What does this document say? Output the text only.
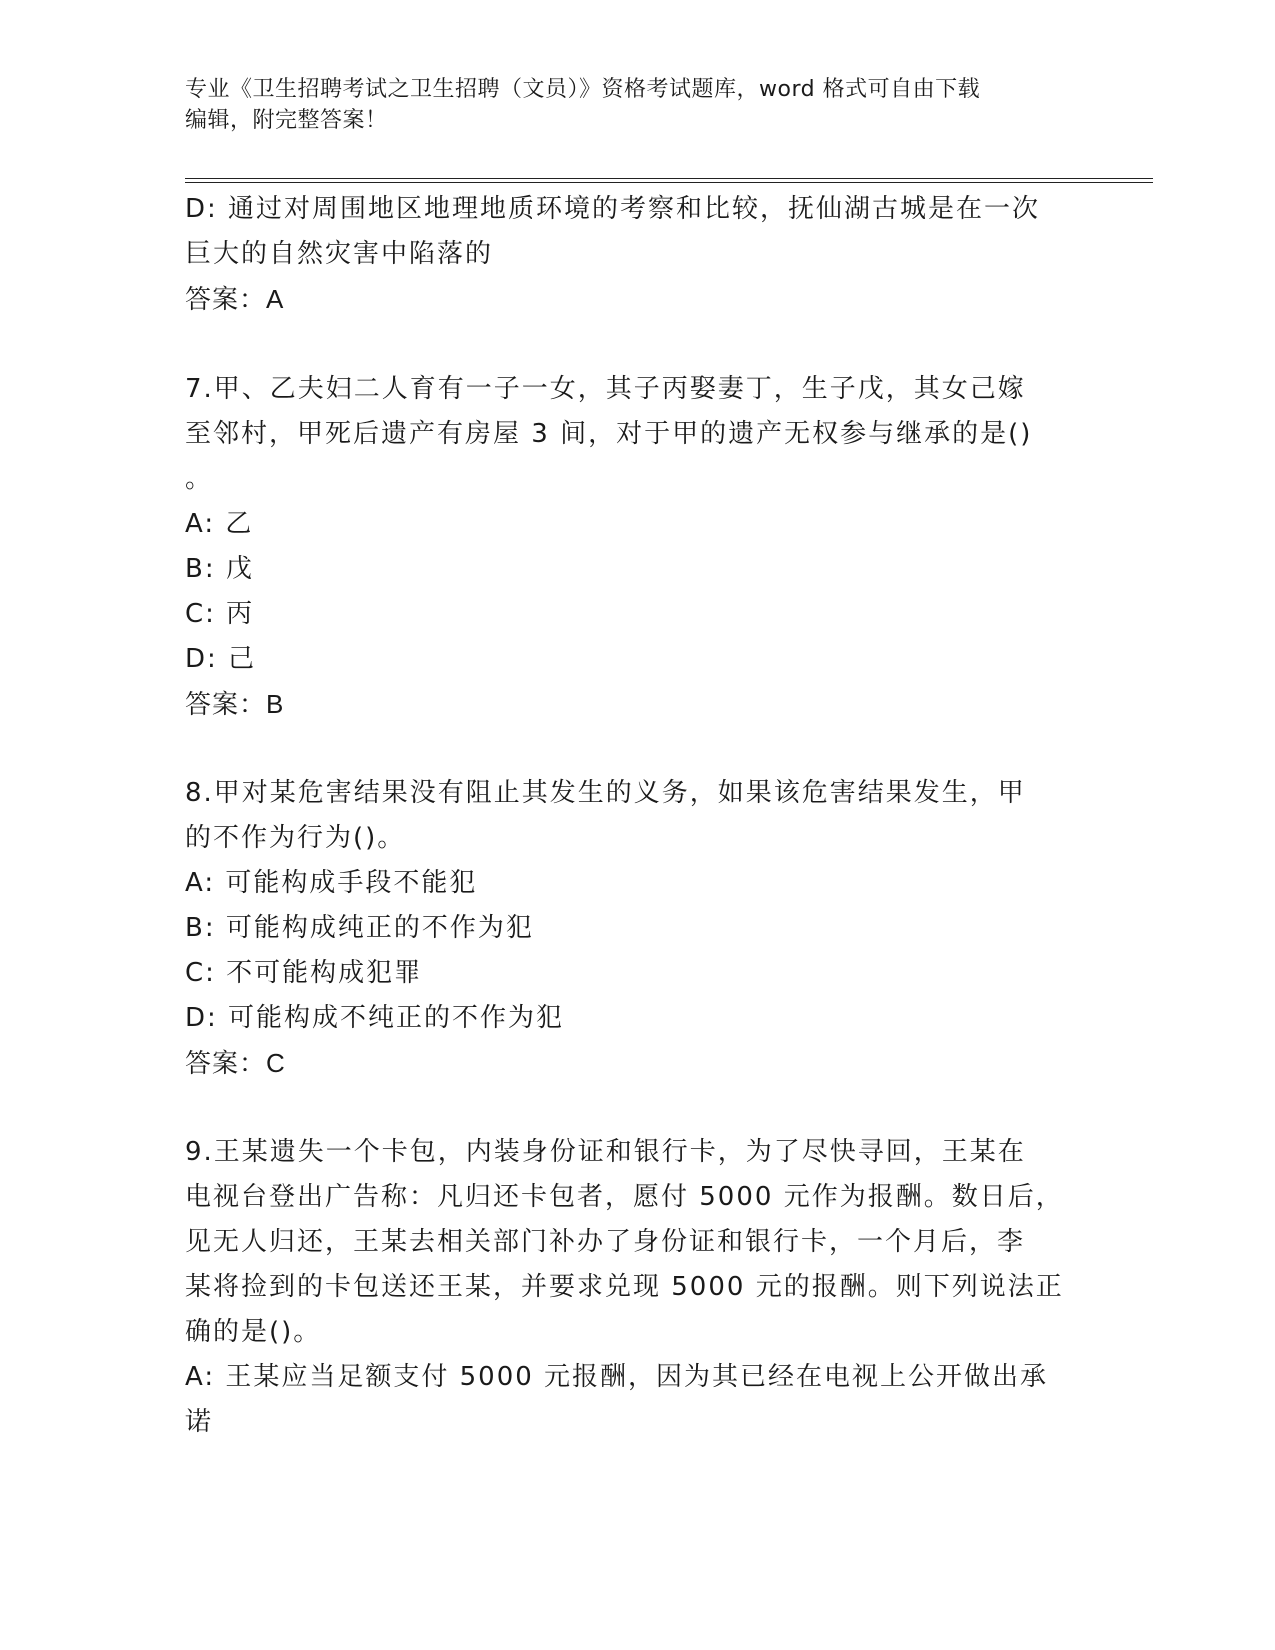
专业《卫生招聘考试之卫生招聘（文员）》资格考试题库，word 格式可自由下载
编辑，附完整答案！
D: 通过对周围地区地理地质环境的考察和比较，抚仙湖古城是在一次
巨大的自然灾害中陷落的
答案：A
7.甲、乙夫妇二人育有一子一女，其子丙娶妻丁，生子戊，其女己嫁
至邻村，甲死后遗产有房屋 3 间，对于甲的遗产无权参与继承的是()
。
A: 乙
B: 戊
C: 丙
D: 己
答案：B
8.甲对某危害结果没有阻止其发生的义务，如果该危害结果发生，甲
的不作为行为()。
A: 可能构成手段不能犯
B: 可能构成纯正的不作为犯
C: 不可能构成犯罪
D: 可能构成不纯正的不作为犯
答案：C
9.王某遗失一个卡包，内装身份证和银行卡，为了尽快寻回，王某在
电视台登出广告称：凡归还卡包者，愿付 5000 元作为报酬。数日后，
见无人归还，王某去相关部门补办了身份证和银行卡，一个月后，李
某将捡到的卡包送还王某，并要求兑现 5000 元的报酬。则下列说法正
确的是()。
A: 王某应当足额支付 5000 元报酬，因为其已经在电视上公开做出承
诺
